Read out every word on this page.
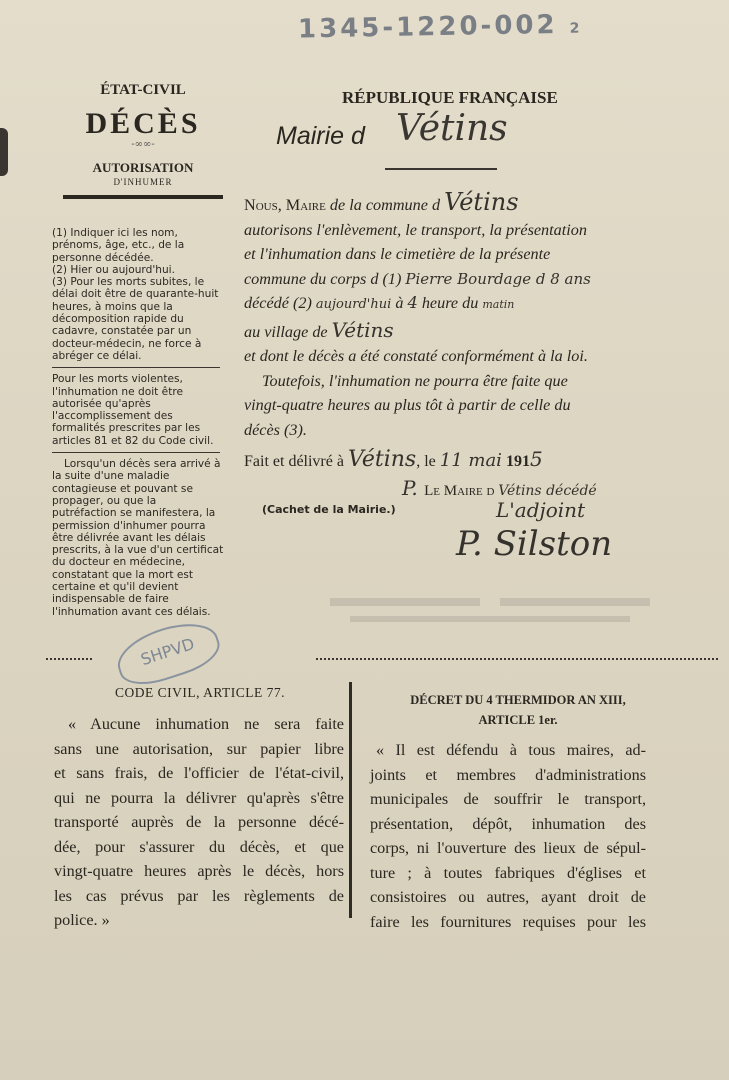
1345-1220-002 2
ÉTAT-CIVIL
DÉCÈS
-∞∞-
AUTORISATION
D'INHUMER

(1) Indiquer ici les nom, prénoms, âge, etc., de la personne décédée.

(2) Hier ou aujourd'hui.

(3) Pour les morts subites, le délai doit être de quarante-huit heures, à moins que la décomposition rapide du cadavre, constatée par un docteur-médecin, ne force à abréger ce délai.

Pour les morts violentes, l'inhumation ne doit être autorisée qu'après l'accomplissement des formalités prescrites par les articles 81 et 82 du Code civil.

Lorsqu'un décès sera arrivé à la suite d'une maladie contagieuse et pouvant se propager, ou que la putréfaction se manifestera, la permission d'inhumer pourra être délivrée avant les délais prescrits, à la vue d'un certificat du docteur en médecine, constatant que la mort est certaine et qu'il devient indispensable de faire l'inhumation avant ces délais.

RÉPUBLIQUE FRANÇAISE
Mairie d Vétins
Nous, Maire de la commune d Vétins
autorisons l'enlèvement, le transport, la présentation
et l'inhumation dans le cimetière de la présente
commune du corps d (1) Pierre Bourdage d 8 ans
décédé (2) aujourd'hui à 4 heure du matin
au village de Vétins
et dont le décès a été constaté conformément à la loi.
Toutefois, l'inhumation ne pourra être faite que
vingt-quatre heures au plus tôt à partir de celle du
décès (3).
Fait et délivré à Vétins, le 11 mai 1915
P. Le Maire d Vétins décédé
(Cachet de la Mairie.)	L'adjoint
P. Silston
SHPVD
CODE CIVIL, ARTICLE 77.
« Aucune inhumation ne sera faite
sans une autorisation, sur papier libre
et sans frais, de l'officier de l'état-civil,
qui ne pourra la délivrer qu'après s'être
transporté auprès de la personne décé-
dée, pour s'assurer du décès, et que
vingt-quatre heures après le décès, hors
les cas prévus par les règlements de
police. »
DÉCRET DU 4 THERMIDOR AN XIII,
ARTICLE 1er.
« Il est défendu à tous maires, ad-
joints et membres d'administrations
municipales de souffrir le transport,
présentation, dépôt, inhumation des
corps, ni l'ouverture des lieux de sépul-
ture ; à toutes fabriques d'églises et
consistoires ou autres, ayant droit de
faire les fournitures requises pour les
